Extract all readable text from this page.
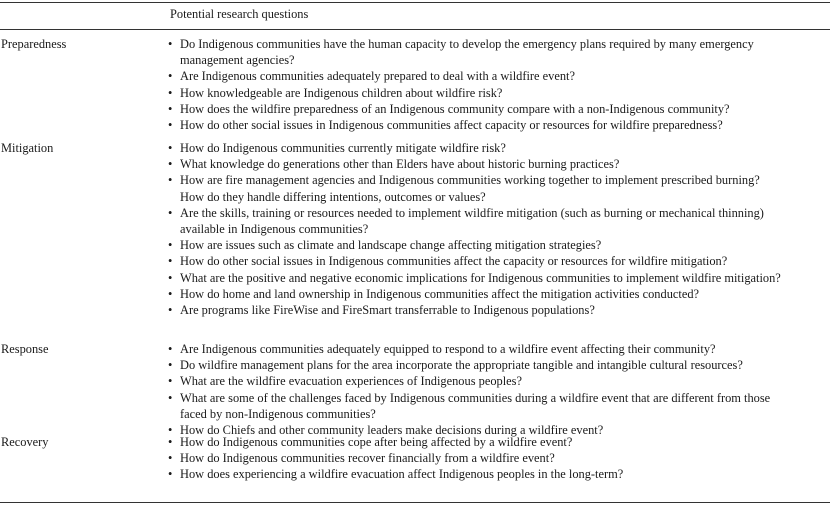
Potential research questions
Preparedness	• Do Indigenous communities have the human capacity to develop the emergency plans required by many emergency
management agencies?
• Are Indigenous communities adequately prepared to deal with a wildfire event?
• How knowledgeable are Indigenous children about wildfire risk?
• How does the wildfire preparedness of an Indigenous community compare with a non-Indigenous community?
• How do other social issues in Indigenous communities affect capacity or resources for wildfire preparedness?
Mitigation	• How do Indigenous communities currently mitigate wildfire risk?
• What knowledge do generations other than Elders have about historic burning practices?
• How are fire management agencies and Indigenous communities working together to implement prescribed burning?
How do they handle differing intentions, outcomes or values?
• Are the skills, training or resources needed to implement wildfire mitigation (such as burning or mechanical thinning)
available in Indigenous communities?
• How are issues such as climate and landscape change affecting mitigation strategies?
• How do other social issues in Indigenous communities affect the capacity or resources for wildfire mitigation?
• What are the positive and negative economic implications for Indigenous communities to implement wildfire mitigation?
• How do home and land ownership in Indigenous communities affect the mitigation activities conducted?
• Are programs like FireWise and FireSmart transferrable to Indigenous populations?
Response	• Are Indigenous communities adequately equipped to respond to a wildfire event affecting their community?
• Do wildfire management plans for the area incorporate the appropriate tangible and intangible cultural resources?
• What are the wildfire evacuation experiences of Indigenous peoples?
• What are some of the challenges faced by Indigenous communities during a wildfire event that are different from those
faced by non-Indigenous communities?
• How do Chiefs and other community leaders make decisions during a wildfire event?
Recovery	• How do Indigenous communities cope after being affected by a wildfire event?
• How do Indigenous communities recover financially from a wildfire event?
• How does experiencing a wildfire evacuation affect Indigenous peoples in the long-term?
